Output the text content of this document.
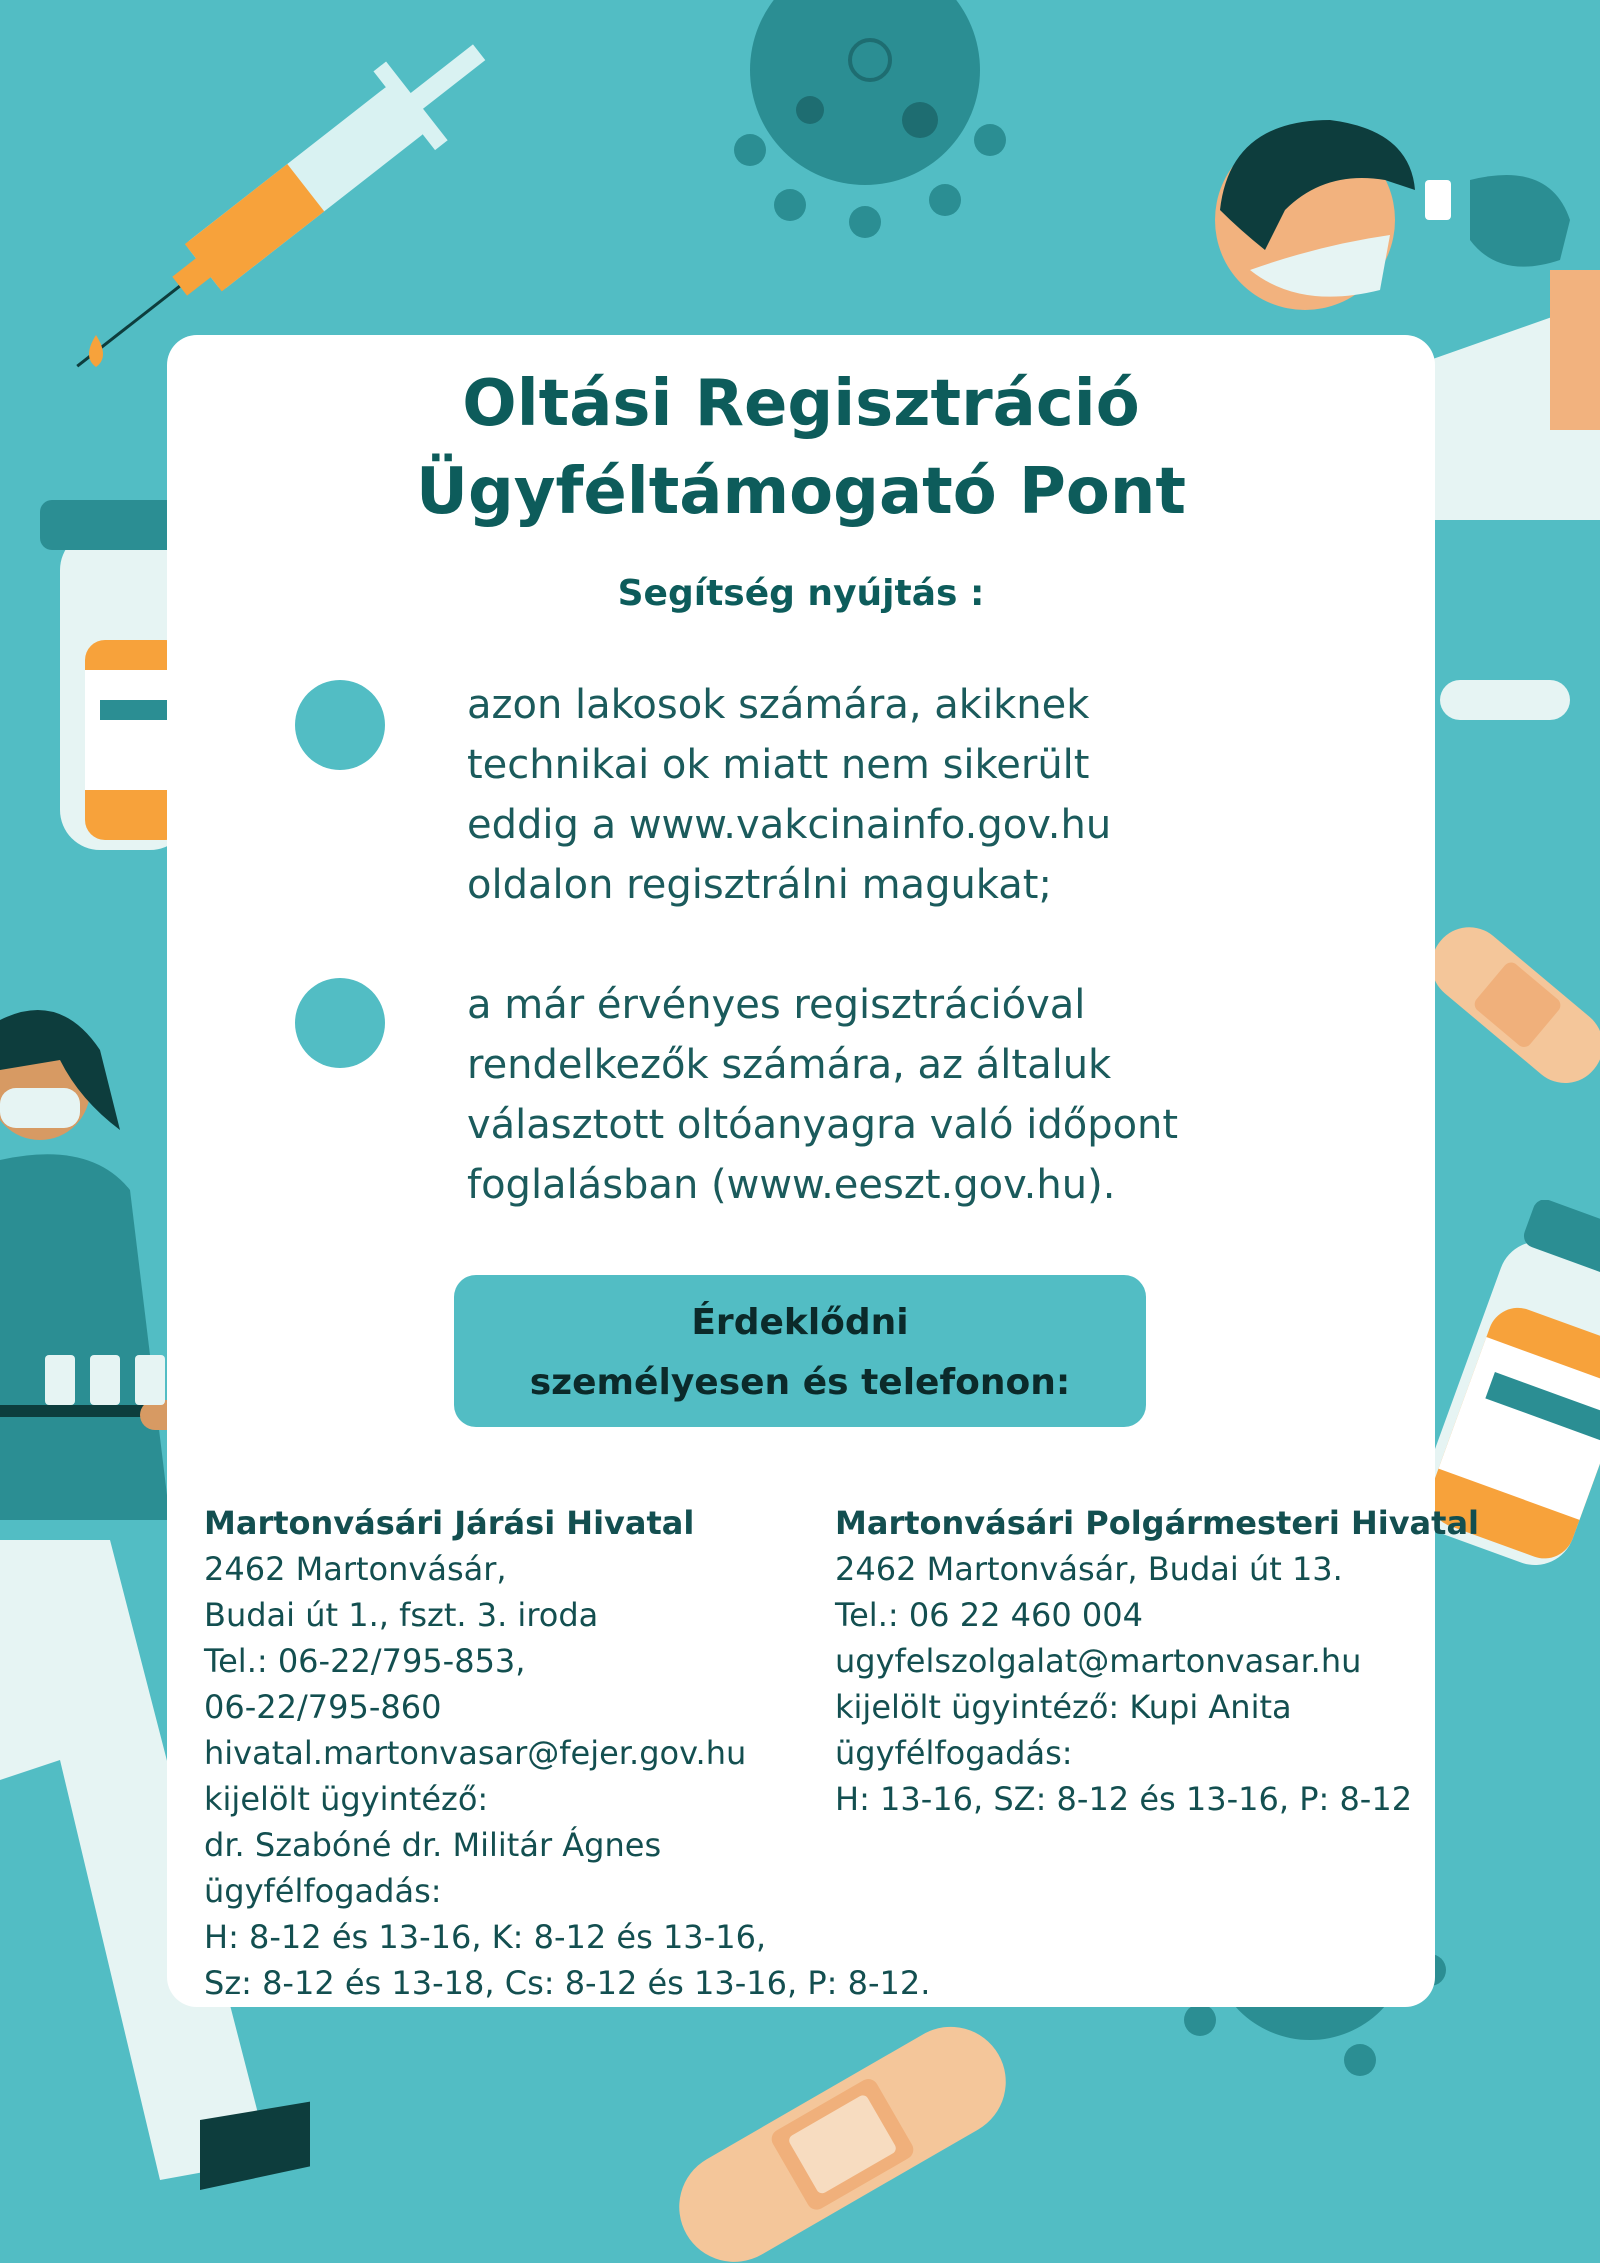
Oltási Regisztráció
Ügyféltámogató Pont
Segítség nyújtás :
azon lakosok számára, akiknek
technikai ok miatt nem sikerült
eddig a www.vakcinainfo.gov.hu
oldalon regisztrálni magukat;
a már érvényes regisztrációval
rendelkezők számára, az általuk
választott oltóanyagra való időpont
foglalásban (www.eeszt.gov.hu).
Érdeklődni
személyesen és telefonon:
Martonvásári Járási Hivatal
2462 Martonvásár,
Budai út 1., fszt. 3. iroda
Tel.: 06-22/795-853,
06-22/795-860
hivatal.martonvasar@fejer.gov.hu
kijelölt ügyintéző:
dr. Szabóné dr. Militár Ágnes
ügyfélfogadás:
H: 8-12 és 13-16, K: 8-12 és 13-16,
Sz: 8-12 és 13-18, Cs: 8-12 és 13-16, P: 8-12.
Martonvásári Polgármesteri Hivatal
2462 Martonvásár, Budai út 13.
Tel.: 06 22 460 004
ugyfelszolgalat@martonvasar.hu
kijelölt ügyintéző: Kupi Anita
ügyfélfogadás:
H: 13-16, SZ: 8-12 és 13-16, P: 8-12
